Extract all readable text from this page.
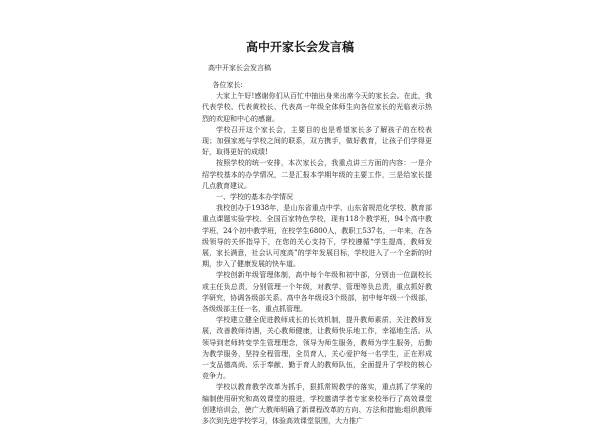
高中开家长会发言稿
高中开家长会发言稿

各位家长:

大家上午好!感谢你们从百忙中抽出身来出席今天的家长会。在此，我代表学校、代表黄校长、代表高一年级全体师生向各位家长的光临表示热烈的欢迎和中心的感谢。

学校召开这个家长会，主要目的也是希望家长多了解孩子的在校表现；加强家庭与学校之间的联系，双方携手，做好教育，让孩子们学得更好，取得更好的成绩!

按照学校的统一安排，本次家长会，我重点讲三方面的内容：一是介绍学校基本的办学情况，二是汇报本学期年级的主要工作，三是给家长提几点教育建议。

一、学校的基本办学情况

我校创办于1938年，是山东省重点中学、山东省规范化学校、教育部重点课题实验学校、全国百家特色学校，现有118个教学班，94个高中教学班，24个初中教学班，在校学生6800人，教职工537名，一年来，在各级领导的关怀指导下，在您的关心支持下，学校遵循“学生提高，教师发展，家长满意，社会认可度高”的学年发展目标，学校进入了一个全新的时期，步入了健康发展的快车道。

学校创新年级管理体制，高中每个年级和初中部，分别由一位副校长或主任负总责，分别管理一个年级，对教学、管理等负总责，重点抓好教学研究，协调各级部关系。高中各年级设3个级部，初中每年级一个级部，各级级部主任一名，重点抓管理。

学校建立健全促进教师成长的长效机制，提升教师素质，关注教师发展，改善教师待遇，关心教师健康，让教师快乐地工作，幸福地生活。从领导到老师转变学生管理理念，领导为师生服务，教师为学生服务，后勤为教学服务，坚持全程管理，全员育人，关心爱护每一名学生，正在形成一支品德高尚、乐于奉献、勤于育人的教师队伍，全面提升了学校的核心竞争力。

学校以教育教学改革为抓手，狠抓常规教学的落实，重点抓了学案的编制使用研究和高效课堂的推进，学校邀请学者专家来校举行了高效课堂创建培训会，使广大教师明确了新课程改革的方向、方法和措施;组织教师多次到先进学校学习，体验高效课堂氛围，大力推广
